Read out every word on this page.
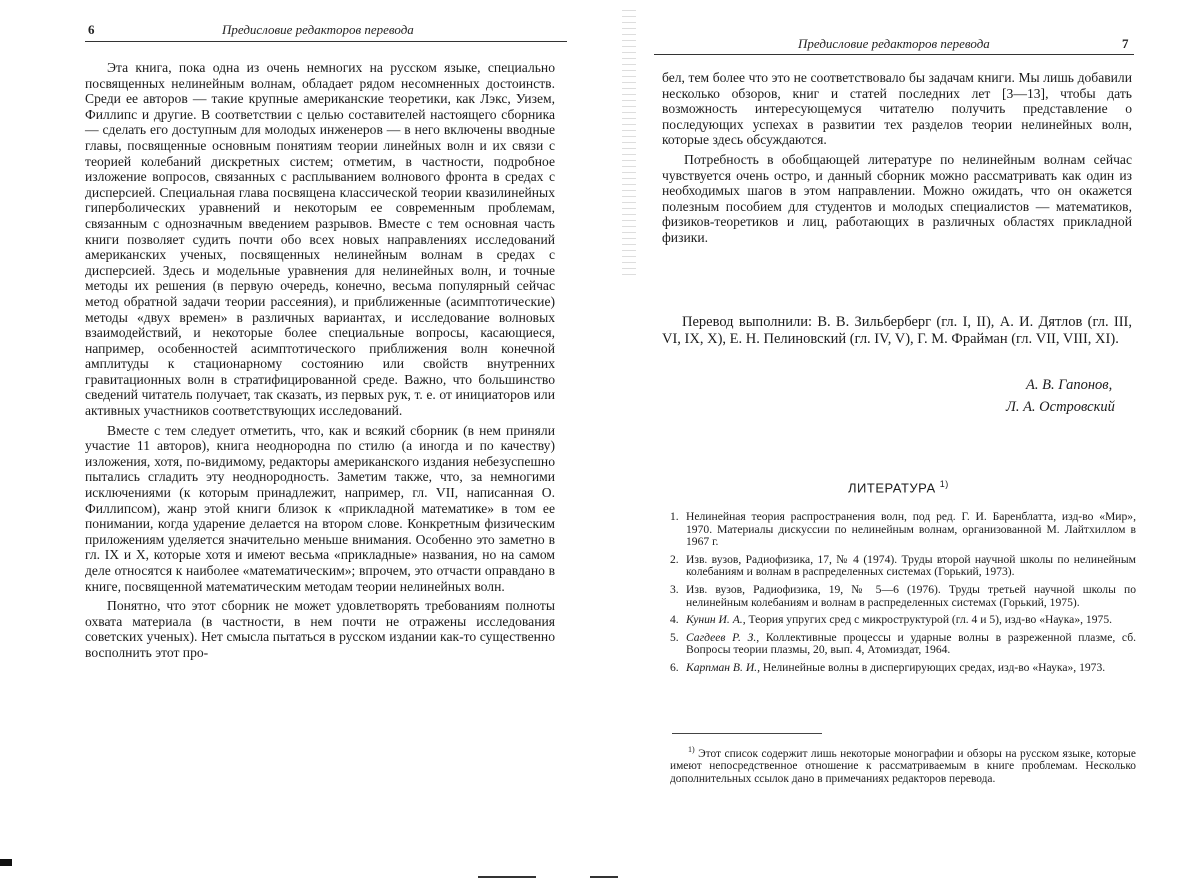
6	Предисловие редакторов перевода

Эта книга, пока одна из очень немногих на русском языке, специально посвященных нелинейным волнам, обладает рядом несомненных достоинств. Среди ее авторов — такие крупные американские теоретики, как Лэкс, Уизем, Филлипс и другие. В соответствии с целью составителей настоящего сборника — сделать его доступным для молодых инженеров — в него включены вводные главы, посвященные основным понятиям теории линейных волн и их связи с теорией колебаний дискретных систем; отметим, в частности, подробное изложение вопросов, связанных с расплыванием волнового фронта в средах с дисперсией. Специальная глава посвящена классической теории квазилинейных гиперболических уравнений и некоторым ее современным проблемам, связанным с однозначным введением разрывов. Вместе с тем основная часть книги позволяет судить почти обо всех новых направлениях исследований американских ученых, посвященных нелинейным волнам в средах с дисперсией. Здесь и модельные уравнения для нелинейных волн, и точные методы их решения (в первую очередь, конечно, весьма популярный сейчас метод обратной задачи теории рассеяния), и приближенные (асимптотические) методы «двух времен» в различных вариантах, и исследование волновых взаимодействий, и некоторые более специальные вопросы, касающиеся, например, особенностей асимптотического приближения волн конечной амплитуды к стационарному состоянию или свойств внутренних гравитационных волн в стратифицированной среде. Важно, что большинство сведений читатель получает, так сказать, из первых рук, т. е. от инициаторов или активных участников соответствующих исследований.

Вместе с тем следует отметить, что, как и всякий сборник (в нем приняли участие 11 авторов), книга неоднородна по стилю (а иногда и по качеству) изложения, хотя, по-видимому, редакторы американского издания небезуспешно пытались сгладить эту неоднородность. Заметим также, что, за немногими исключениями (к которым принадлежит, например, гл. VII, написанная О. Филлипсом), жанр этой книги близок к «прикладной математике» в том ее понимании, когда ударение делается на втором слове. Конкретным физическим приложениям уделяется значительно меньше внимания. Особенно это заметно в гл. IX и X, которые хотя и имеют весьма «прикладные» названия, но на самом деле относятся к наиболее «математическим»; впрочем, это отчасти оправдано в книге, посвященной математическим методам теории нелинейных волн.

Понятно, что этот сборник не может удовлетворять требованиям полноты охвата материала (в частности, в нем почти не отражены исследования советских ученых). Нет смысла пытаться в русском издании как-то существенно восполнить этот про-

Предисловие редакторов перевода	7

бел, тем более что это не соответствовало бы задачам книги. Мы лишь добавили несколько обзоров, книг и статей последних лет [3—13], чтобы дать возможность интересующемуся читателю получить представление о последующих успехах в развитии тех разделов теории нелинейных волн, которые здесь обсуждаются.

Потребность в обобщающей литературе по нелинейным волнам сейчас чувствуется очень остро, и данный сборник можно рассматривать как один из необходимых шагов в этом направлении. Можно ожидать, что он окажется полезным пособием для студентов и молодых специалистов — математиков, физиков-теоретиков и лиц, работающих в различных областях прикладной физики.

Перевод выполнили: В. В. Зильберберг (гл. I, II), А. И. Дятлов (гл. III, VI, IX, X), Е. Н. Пелиновский (гл. IV, V), Г. М. Фрайман (гл. VII, VIII, XI).
А. В. Гапонов,
Л. А. Островский
ЛИТЕРАТУРА $^{1)}$
1. Нелинейная теория распространения волн, под ред. Г. И. Баренблатта, изд-во «Мир», 1970. Материалы дискуссии по нелинейным волнам, организованной М. Лайтхиллом в 1967 г.
2. Изв. вузов, Радиофизика, 17, № 4 (1974). Труды второй научной школы по нелинейным колебаниям и волнам в распределенных системах (Горький, 1973).
3. Изв. вузов, Радиофизика, 19, № 5—6 (1976). Труды третьей научной школы по нелинейным колебаниям и волнам в распределенных системах (Горький, 1975).
4. Кунин И. А., Теория упругих сред с микроструктурой (гл. 4 и 5), изд-во «Наука», 1975.
5. Сагдеев Р. З., Коллективные процессы и ударные волны в разреженной плазме, сб. Вопросы теории плазмы, 20, вып. 4, Атомиздат, 1964.
6. Карпман В. И., Нелинейные волны в диспергирующих средах, изд-во «Наука», 1973.
$^{1)}$ Этот список содержит лишь некоторые монографии и обзоры на русском языке, которые имеют непосредственное отношение к рассматриваемым в книге проблемам. Несколько дополнительных ссылок дано в примечаниях редакторов перевода.
